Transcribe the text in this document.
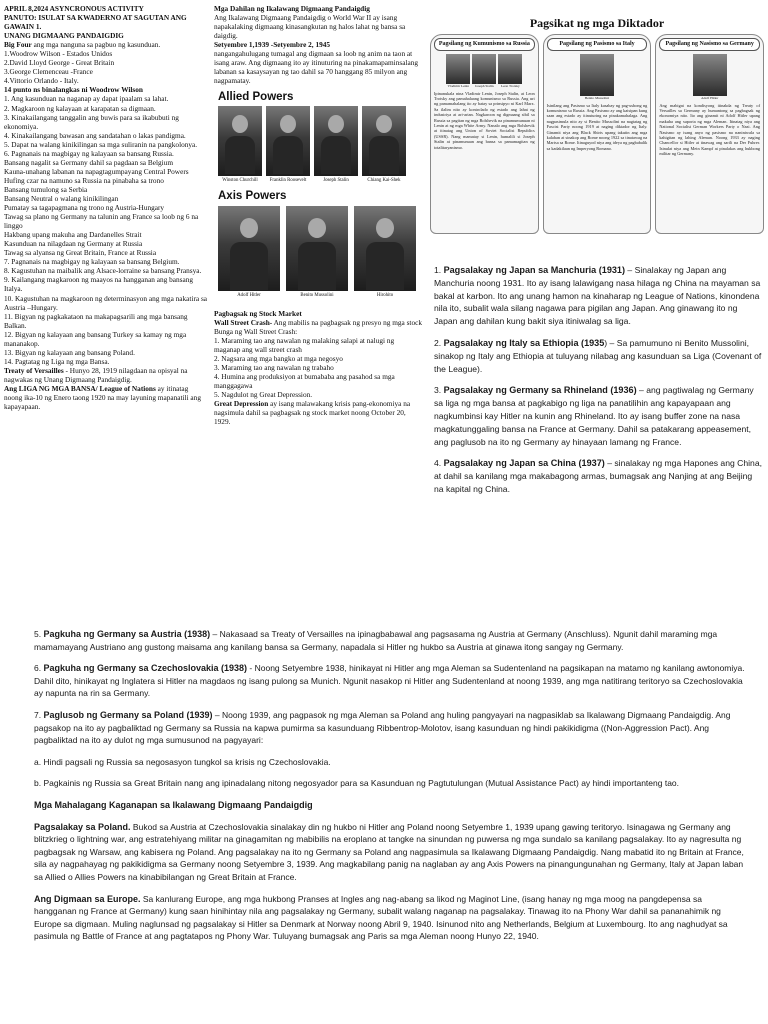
APRIL 8,2024 ASYNCRONOUS ACTIVITY

PANUTO: ISULAT SA KWADERNO AT SAGUTAN ANG GAWAIN 1.

UNANG DIGMAANG PANDAIGDIG

Big Four ang mga nanguna sa pagbuo ng kasunduan.

1.Woodrow Wilson - Estados Unidos

2.David Lloyd George - Great Britain

3.George Clemenceau -France

4.Vittorio Orlando - Italy.

14 punto ns binalangkas ni Woodrow Wilson

1. Ang kasunduan na naganap ay dapat ipaalam sa lahat.

2. Magkaroon ng kalayaan at karapatan sa digmaan.

3. Kinakailangang tanggalin ang buwis para sa ikabubuti ng ekonomiya.

4. Kinakailangang bawasan ang sandatahan o lakas pandigma.

5. Dapat na walang kinikilingan sa mga suliranin na pangkolonya.

6. Pagnanais na magbigay ng kalayaan sa bansang Russia.

Bansang nagalit sa Germany dahil sa pagdaan sa Belgium

Kauna-unahang labanan na napagtagumpayang Central Powers

Hufing czar na namuno sa Russia na pinabaha sa trono

Bansang tumulong sa Serbia

Bansang Neutral o walang kinikilingan

Pumatay sa tagapagmana ng trono ng Austria-Hungary

Tawag sa plano ng Germany na talunin ang France sa loob ng 6 na linggo

Hakbang upang makuha ang Dardanelles Strait

Kasunduan na nilagdaan ng Germany at Russia

Tawag sa alyansa ng Great Britain, France at Russia

7. Pagnanais na magbigay ng kalayaan sa bansang Belgium.

8. Kagustuhan na maibalik ang Alsace-lorraine sa bansang Pransya.

9. Kailangang magkaroon ng maayos na hangganan ang bansang Italya.

10. Kagustuhan na magkaroon ng determinasyon ang mga nakatira sa Austria –Hungary.

11. Bigyan ng pagkakataon na makapagsarili ang mga bansang Balkan.

12. Bigyan ng kalayaan ang bansang Turkey sa kamay ng mga mananakop.

13. Bigyan ng kalayaan ang bansang Poland.

14. Pagtatag ng Liga ng mga Bansa.

Treaty of Versailles - Hunyo 28, 1919 nilagdaan na opisyal na nagwakas ng Unang Digmaang Pandaigdig.

Ang LIGA NG MGA BANSA/ League of Nations ay itinatag noong ika-10 ng Enero taong 1920 na may layuning mapanatili ang kapayapaan.

Mga Dahilan ng Ikalawang Digmaang Pandaigdig

Ang Ikalawang Digmaang Pandaigdig o World War II ay isang napakalaking digmaang kinasangkutan ng halos lahat ng bansa sa daigdig.

Setyembre 1,1939 -Setyembre 2, 1945

nangangahulugang tumagal ang digmaan sa loob ng anim na taon at isang araw. Ang digmaang ito ay itinuturing na pinakamapaminsalang labanan sa kasaysayan ng tao dahil sa 70 hanggang 85 milyon ang nagpamatay.

Allied Powers

Winston Churchill Franklin Roosevelt	Joseph Stalin	Chiang Kai-Shek

Axis Powers

Adolf Hitler	Benito Mussolini	Hirohito

Pagbagsak ng Stock Market

Wall Street Crash- Ang mabilis na pagbagsak ng presyo ng mga stock

Bunga ng Wall Street Crash:

1. Maraming tao ang nawalan ng malaking salapi at nalugi ng maganap ang wall street crash

2. Nagsara ang mga bangko at mga negosyo

3. Maraming tao ang nawalan ng trabaho

4. Humina ang produksiyon at bumababa ang pasahod sa mga manggagawa

5. Nagdulot ng Great Depression.

Great Depression ay isang malawakang krisis pang-ekonomiya na nagsimula dahil sa pagbagsak ng stock market noong October 20, 1929.

Pagsikat ng mga Diktador
Pagsilang ng Kumunismo sa Russia
Vladimir Lenin	Joseph Stalin	Leon Trotsky
Ipinanukala nina Vladimir Lenin, Joseph Stalin, at Leon Trotsky ang pamahalaang komunismo sa Russia. Ang uri ng pamamahalang ito ay batay sa prinsipyo ni Karl Marx. Sa ilalim nito ay kontrolado ng estado ang lahat ng industriya at ari-arian. Nagkaroon ng digmaang sibil sa Russia sa pagitan ng mga Bolshevik na pinamumunuan ni Lenin at ng mga White Army. Nanalo ang mga Bolshevik at itinatag ang Union of Soviet Socialist Republics (USSR). Nang mamatay si Lenin, humalili si Joseph Stalin at pinamunuan ang bansa sa pamamagitan ng totalitaryanismo.
Pagsilang ng Pasismo sa Italy
Benito Mussolini
Isinilang ang Pasismo sa Italy kasabay ng pag-usbong ng komunismo sa Russia. Ang Pasismo ay ang kaisipan kung saan ang estado ay itinuturing na pinakamahalaga. Ang nagpasimula nito ay si Benito Mussolini na nagtatag ng Fascist Party noong 1919 at naging diktador ng Italy. Ginamit niya ang Black Shirts upang takutin ang mga kalaban at sinakop ang Rome noong 1922 sa tinatawag na Martsa sa Rome. Itinaguyod niya ang ideya ng pagbabalik sa kadakilaan ng Imperyong Romano.
Pagsilang ng Nasismo sa Germany
Adolf Hitler
Ang mabigat na kondisyong itinakda ng Treaty of Versailles sa Germany ay humantong sa pagbagsak ng ekonomiya nito. Ito ang ginamit ni Adolf Hitler upang makuha ang suporta ng mga Aleman. Itinatag niya ang National Socialist German Workers Party o Nazi. Ang Nasismo ay isang anyo ng pasismo na naniniwala sa kahigitan ng lahing Aleman. Noong 1933 ay naging Chancellor si Hitler at tinawag ang sarili na Der Fuhrer. Isinulat niya ang Mein Kampf at pinalakas ang hukbong militar ng Germany.

1. Pagsalakay ng Japan sa Manchuria (1931) – Sinalakay ng Japan ang Manchuria noong 1931. Ito ay isang lalawigang nasa hilaga ng China na mayaman sa bakal at karbon. Ito ang unang hamon na kinaharap ng League of Nations, kinondena nila ito, subalit wala silang nagawa para pigilan ang Japan. Ang ginawang ito ng Japan ang dahilan kung bakit siya itiniwalag sa liga.

2. Pagsalakay ng Italy sa Ethiopia (1935) – Sa pamumuno ni Benito Mussolini, sinakop ng Italy ang Ethiopia at tuluyang nilabag ang kasunduan sa Liga (Covenant of the League).

3. Pagsalakay ng Germany sa Rhineland (1936) – ang pagtiwalag ng Germany sa liga ng mga bansa at pagkabigo ng liga na panatilihin ang kapayapaan ang nagkumbinsi kay Hitler na kunin ang Rhineland. Ito ay isang buffer zone na nasa magkatunggaling bansa na France at Germany. Dahil sa patakarang appeasement, ang paglusob na ito ng Germany ay hinayaan lamang ng France.

4. Pagsalakay ng Japan sa China (1937) – sinalakay ng mga Hapones ang China, at dahil sa kanilang mga makabagong armas, bumagsak ang Nanjing at ang Beijing na kapital ng China.

5. Pagkuha ng Germany sa Austria (1938) – Nakasaad sa Treaty of Versailles na ipinagbabawal ang pagsasama ng Austria at Germany (Anschluss). Ngunit dahil maraming mga mamamayang Austriano ang gustong maisama ang kanilang bansa sa Germany, napadala si Hitler ng hukbo sa Austria at ginawa itong sangay ng Germany.

6. Pagkuha ng Germany sa Czechoslovakia (1938) - Noong Setyembre 1938, hinikayat ni Hitler ang mga Aleman sa Sudentenland na pagsikapan na matamo ng kanilang awtonomiya. Dahil dito, hinikayat ng Inglatera si Hitler na magdaos ng isang pulong sa Munich. Ngunit nasakop ni Hitler ang Sudentenland at noong 1939, ang mga natitirang teritoryo sa Czechoslovakia ay napunta na rin sa Germany.

7. Paglusob ng Germany sa Poland (1939) – Noong 1939, ang pagpasok ng mga Aleman sa Poland ang huling pangyayari na nagpasiklab sa Ikalawang Digmaang Pandaigdig. Ang pagsakop na ito ay pagbaliktad ng Germany sa Russia na kapwa pumirma sa kasunduang Ribbentrop-Molotov, isang kasunduan ng hindi pakikidigma ((Non-Aggression Pact). Ang pagbaliktad na ito ay dulot ng mga sumusunod na pagyayari:

a. Hindi pagsali ng Russia sa negosasyon tungkol sa krisis ng Czechoslovakia.

b. Pagkainis ng Russia sa Great Britain nang ang ipinadalang nitong negosyador para sa Kasunduan ng Pagtutulungan (Mutual Assistance Pact) ay hindi importanteng tao.

Mga Mahalagang Kaganapan sa Ikalawang Digmaang Pandaigdig

Pagsalakay sa Poland. Bukod sa Austria at Czechoslovakia sinalakay din ng hukbo ni Hitler ang Poland noong Setyembre 1, 1939 upang gawing teritoryo. Isinagawa ng Germany ang blitzkrieg o lightning war, ang estratehiyang militar na ginagamitan ng mabibilis na eroplano at tangke na sinundan ng puwersa ng mga sundalo sa kanilang pagsalakay. Ito ay nagresulta ng pagbagsak ng Warsaw, ang kabisera ng Poland. Ang pagsalakay na ito ng Germany sa Poland ang nagpasimula sa Ikalawang Digmaang Pandaigdig. Nang mabatid ito ng Britain at France, sila ay nagpahayag ng pakikidigma sa Germany noong Setyembre 3, 1939. Ang magkabilang panig na naglaban ay ang Axis Powers na pinangungunahan ng Germany, Italy at Japan laban sa Allied o Allies Powers na kinabibilangan ng Great Britain at France.

Ang Digmaan sa Europe. Sa kanlurang Europe, ang mga hukbong Pranses at Ingles ang nag-abang sa likod ng Maginot Line, (isang hanay ng mga moog na pangdepensa sa hangganan ng France at Germany) kung saan hinihintay nila ang pagsalakay ng Germany, subalit walang naganap na pagsalakay. Tinawag ito na Phony War dahil sa pananahimik ng Europe sa digmaan. Muling naglunsad ng pagsalakay si Hitler sa Denmark at Norway noong Abril 9, 1940. Isinunod nito ang Netherlands, Belgium at Luxembourg. Ito ang naghudyat sa pasimula ng Battle of France at ang pagtatapos ng Phony War. Tuluyang bumagsak ang Paris sa mga Aleman noong Hunyo 22, 1940.
